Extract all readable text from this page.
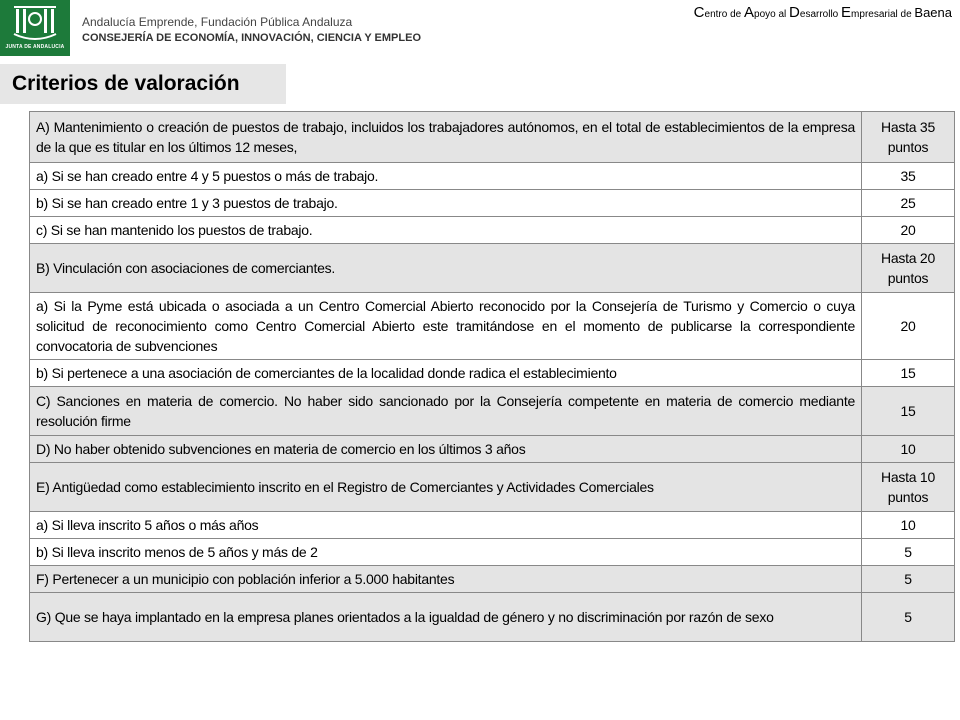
JUNTA DE ANDALUCIA
Andalucía Emprende, Fundación Pública Andaluza
CONSEJERÍA DE ECONOMÍA, INNOVACIÓN, CIENCIA Y EMPLEO
Centro de Apoyo al Desarrollo Empresarial de Baena
Criterios de valoración
A) Mantenimiento o creación de puestos de trabajo, incluidos los trabajadores autónomos, en el total de establecimientos de la empresa de la que es titular en los últimos 12 meses,	Hasta 35 puntos
a) Si se han creado entre 4 y 5 puestos o más de trabajo.	35
b) Si se han creado entre 1 y 3 puestos de trabajo.	25
c) Si se han mantenido los puestos de trabajo.	20
B) Vinculación con asociaciones de comerciantes.	Hasta 20 puntos
a) Si la Pyme está ubicada o asociada a un Centro Comercial Abierto reconocido por la Consejería de Turismo y Comercio o cuya solicitud de reconocimiento como Centro Comercial Abierto este tramitándose en el momento de publicarse la correspondiente convocatoria de subvenciones	20
b) Si pertenece a una asociación de comerciantes de la localidad donde radica el establecimiento	15
C) Sanciones en materia de comercio. No haber sido sancionado por la Consejería competente en materia de comercio mediante resolución firme	15
D) No haber obtenido subvenciones en materia de comercio en los últimos 3 años	10
E) Antigüedad como establecimiento inscrito en el Registro de Comerciantes y Actividades Comerciales	Hasta 10 puntos
a) Si lleva inscrito 5 años o más años	10
b) Si lleva inscrito menos de 5 años y más de 2	5
F) Pertenecer a un municipio con población inferior a 5.000 habitantes	5
G) Que se haya implantado en la empresa planes orientados a la igualdad de género y no discriminación por razón de sexo	5
